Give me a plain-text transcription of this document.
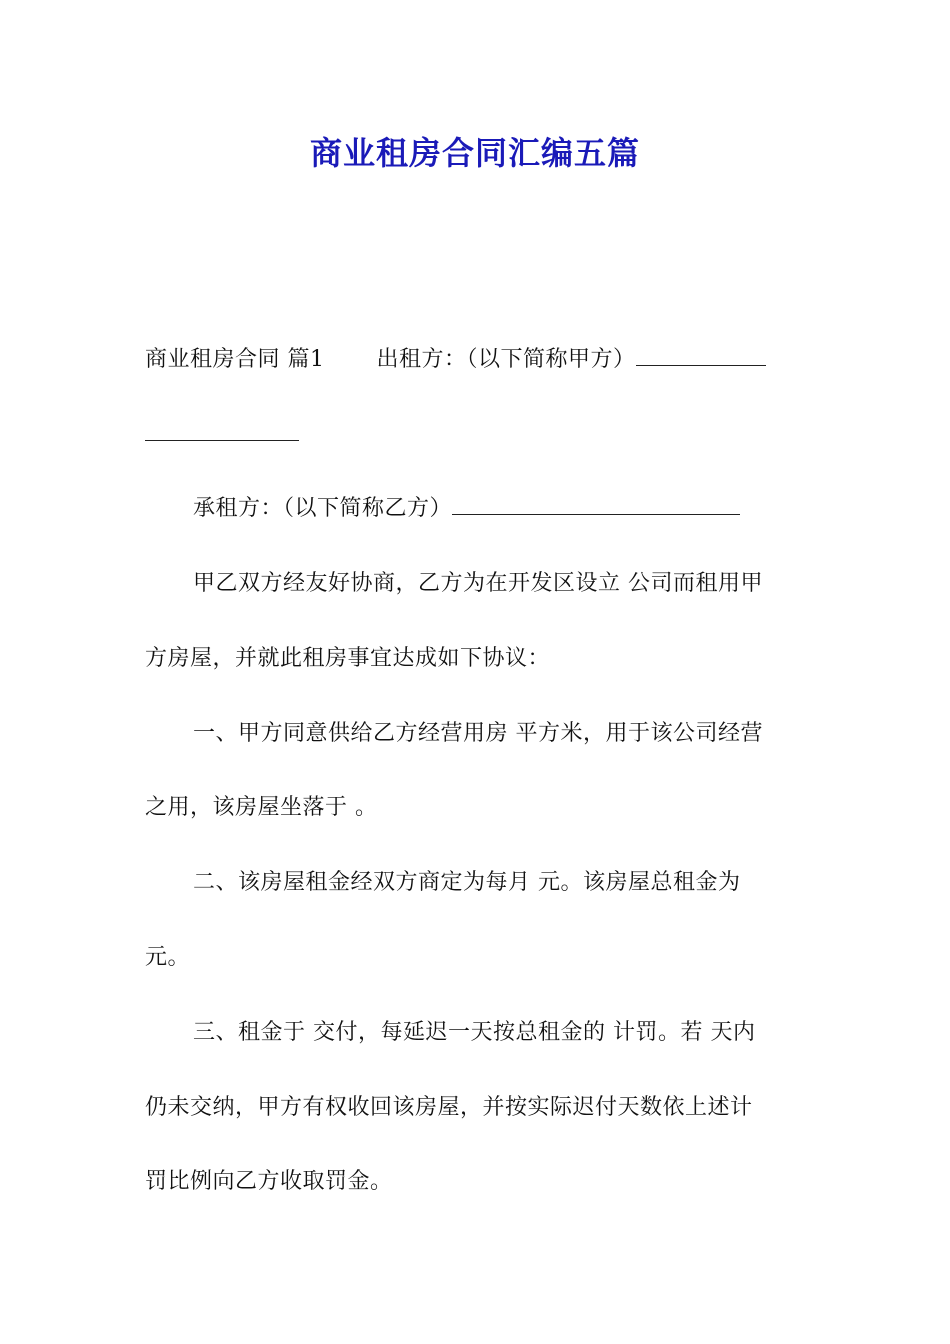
商业租房合同汇编五篇
商业租房合同 篇1 出租方：（以下简称甲方）
承租方：（以下简称乙方）
甲乙双方经友好协商，乙方为在开发区设立 公司而租用甲
方房屋，并就此租房事宜达成如下协议：
一、甲方同意供给乙方经营用房 平方米，用于该公司经营
之用，该房屋坐落于 。
二、该房屋租金经双方商定为每月 元。该房屋总租金为
元。
三、租金于 交付，每延迟一天按总租金的 计罚。若 天内
仍未交纳，甲方有权收回该房屋，并按实际迟付天数依上述计
罚比例向乙方收取罚金。
